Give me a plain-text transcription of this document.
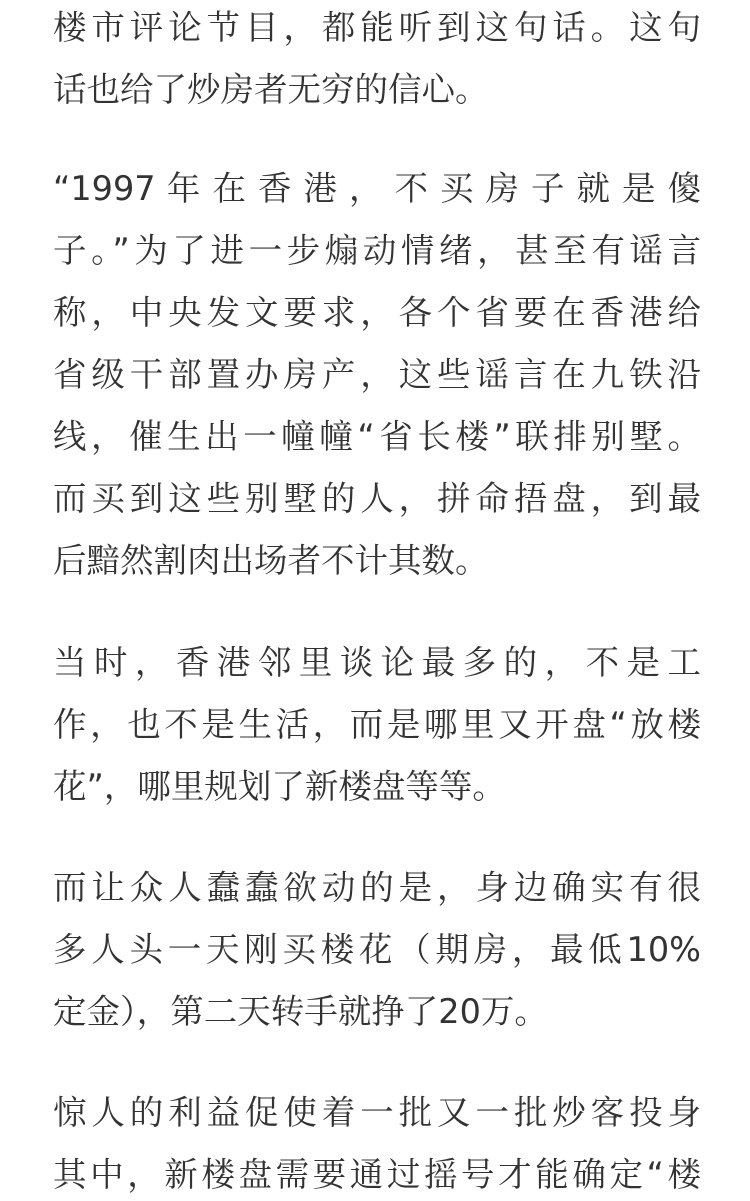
楼市评论节目，都能听到这句话。这句
话也给了炒房者无穷的信心。

“1997 年 在 香 港 ， 不 买 房 子 就 是 傻
子。”为了进一步煽动情绪，甚至有谣言
称，中央发文要求，各个省要在香港给
省级干部置办房产，这些谣言在九铁沿
线，催生出一幢幢“省长楼”联排别墅。
而买到这些别墅的人，拼命捂盘，到最
后黯然割肉出场者不计其数。

当时，香港邻里谈论最多的，不是工
作，也不是生活，而是哪里又开盘“放楼
花”，哪里规划了新楼盘等等。

而让众人蠢蠢欲动的是，身边确实有很
多人头一天刚买楼花（期房，最低10%
定金），第二天转手就挣了20万。

惊人的利益促使着一批又一批炒客投身
其中，新楼盘需要通过摇号才能确定“楼
